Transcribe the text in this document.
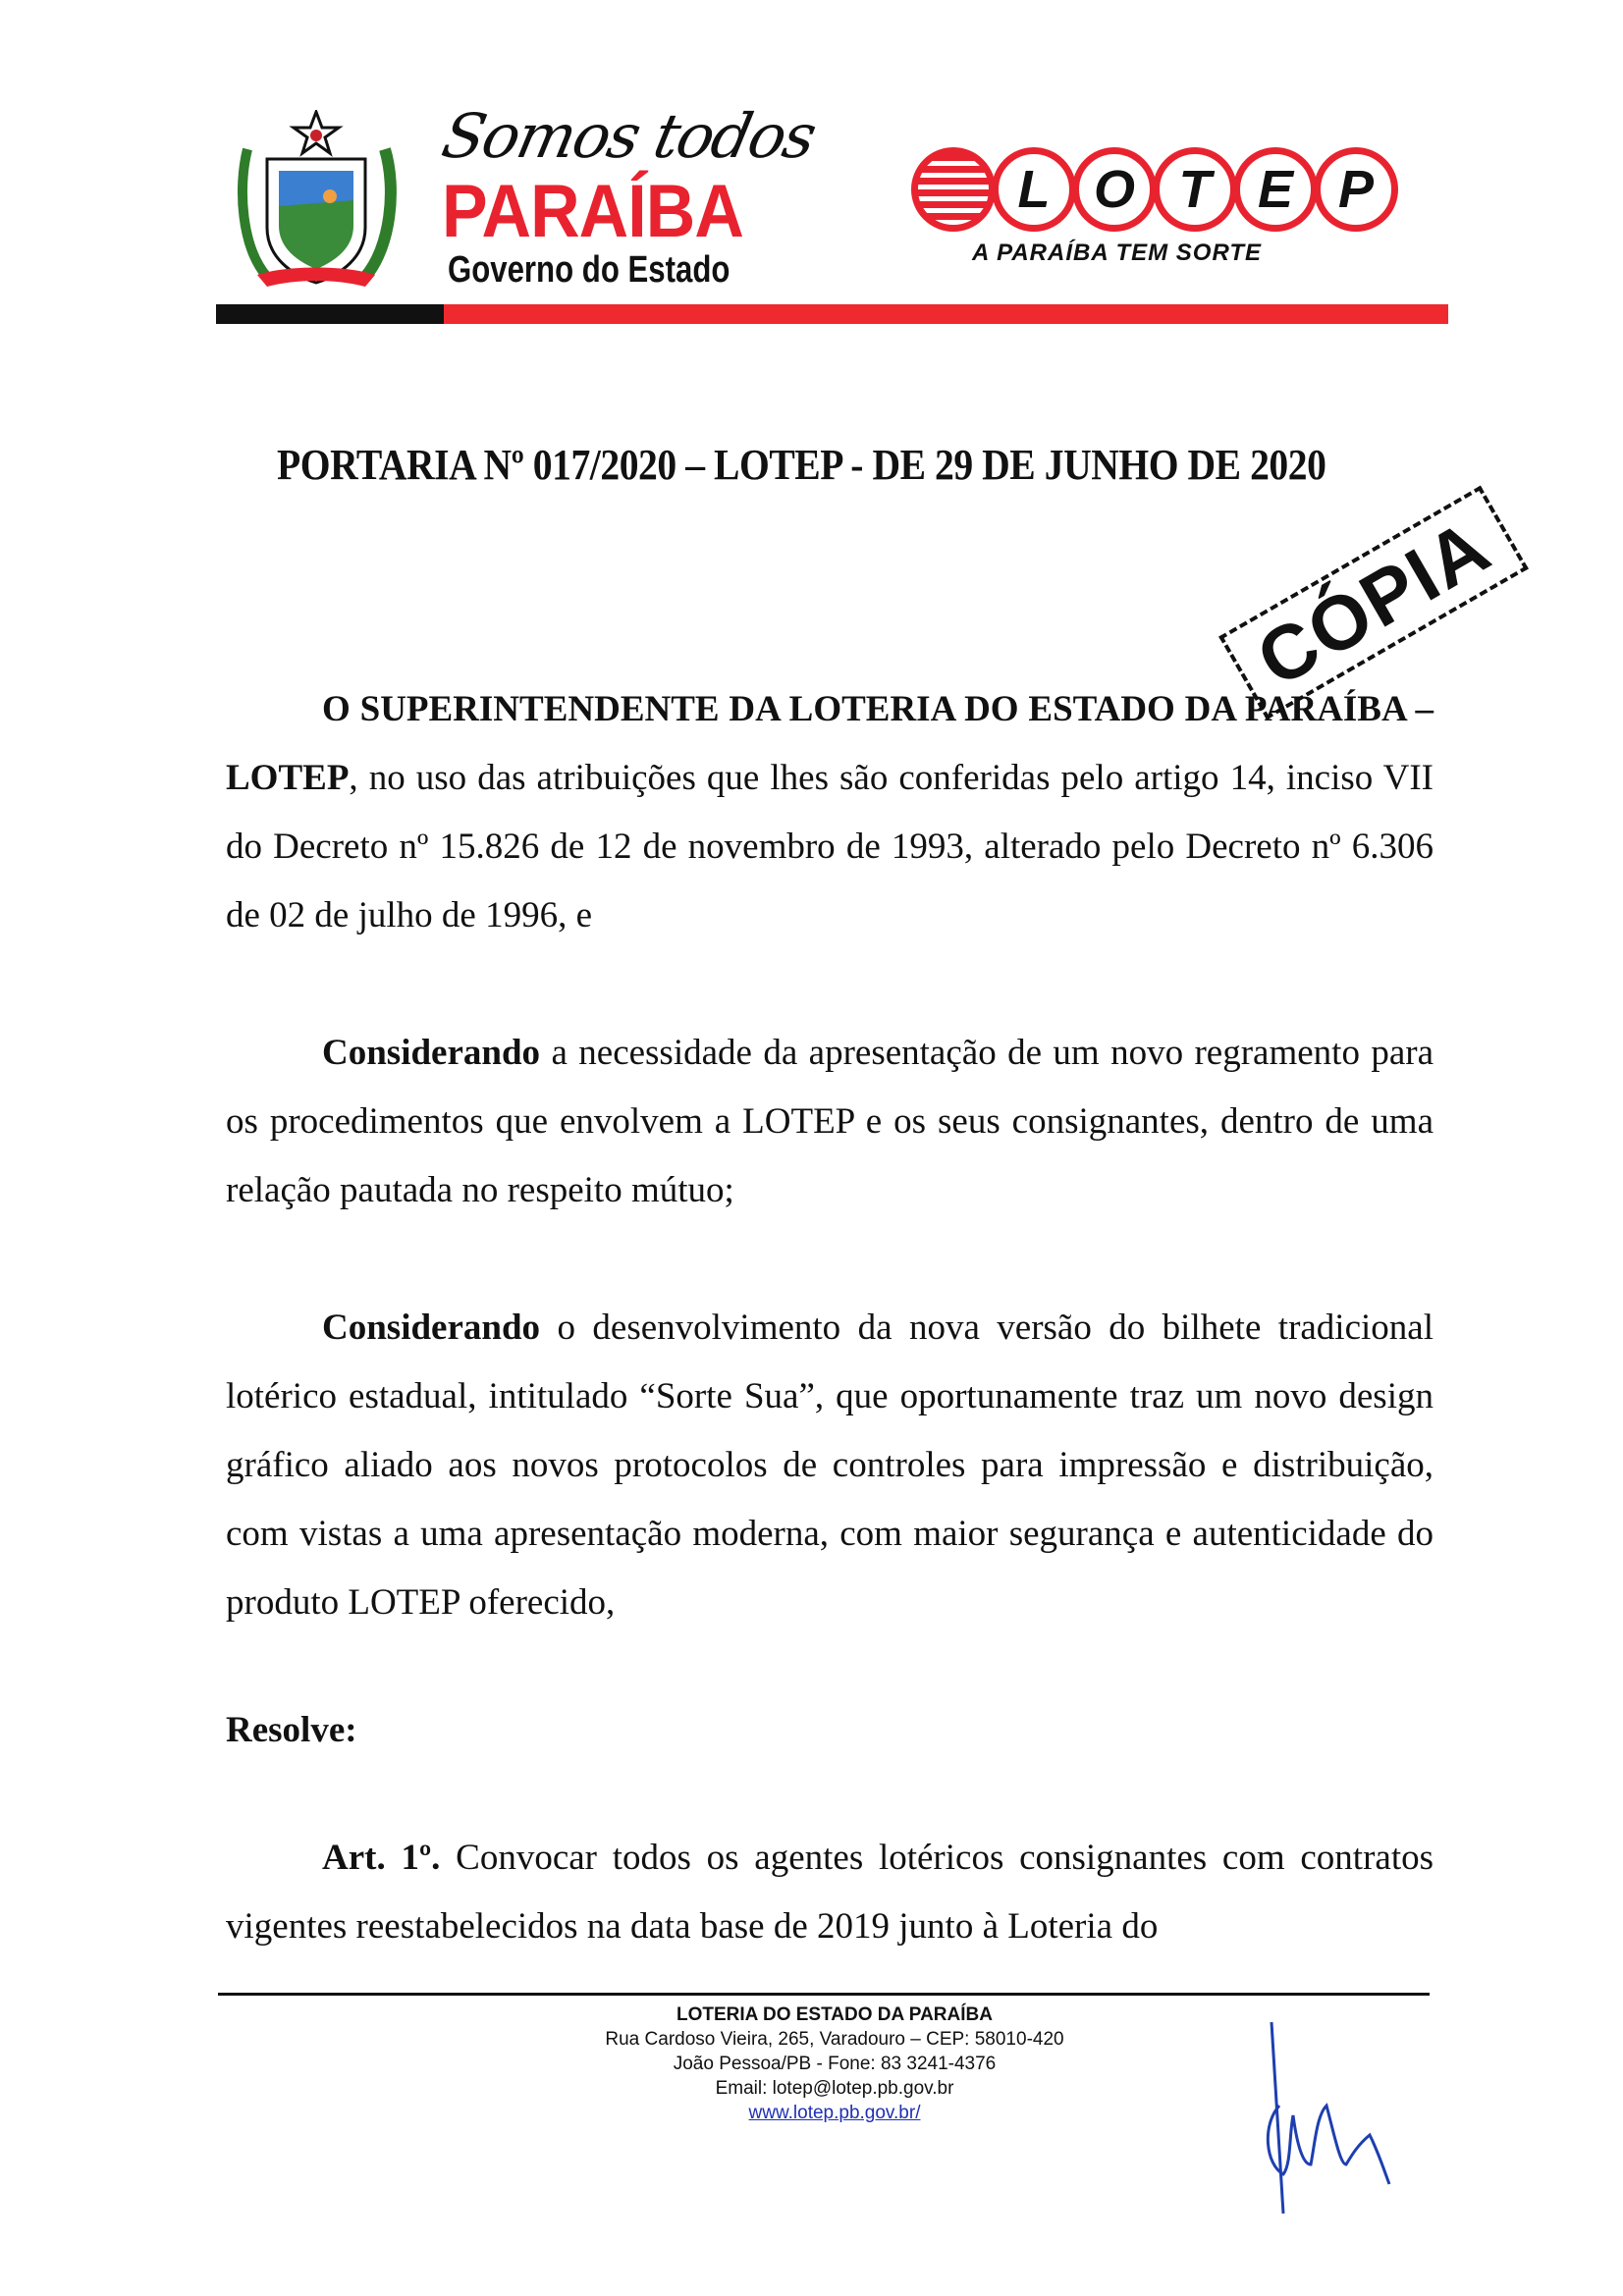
Somos todos
PARAÍBA
Governo do Estado
L O T E P
A PARAÍBA TEM SORTE
PORTARIA Nº 017/2020 – LOTEP - DE 29 DE JUNHO DE 2020
CÓPIA

O SUPERINTENDENTE DA LOTERIA DO ESTADO DA PARAÍBA – LOTEP, no uso das atribuições que lhes são conferidas pelo artigo 14, inciso VII do Decreto nº 15.826 de 12 de novembro de 1993, alterado pelo Decreto nº 6.306 de 02 de julho de 1996, e

Considerando a necessidade da apresentação de um novo regramento para os procedimentos que envolvem a LOTEP e os seus consignantes, dentro de uma relação pautada no respeito mútuo;

Considerando o desenvolvimento da nova versão do bilhete tradicional lotérico estadual, intitulado “Sorte Sua”, que oportunamente traz um novo design gráfico aliado aos novos protocolos de controles para impressão e distribuição, com vistas a uma apresentação moderna, com maior segurança e autenticidade do produto LOTEP oferecido,

Resolve:

Art. 1º. Convocar todos os agentes lotéricos consignantes com contratos vigentes reestabelecidos na data base de 2019 junto à Loteria do

LOTERIA DO ESTADO DA PARAÍBA
Rua Cardoso Vieira, 265, Varadouro – CEP: 58010-420
João Pessoa/PB - Fone: 83 3241-4376
Email: lotep@lotep.pb.gov.br
www.lotep.pb.gov.br/
